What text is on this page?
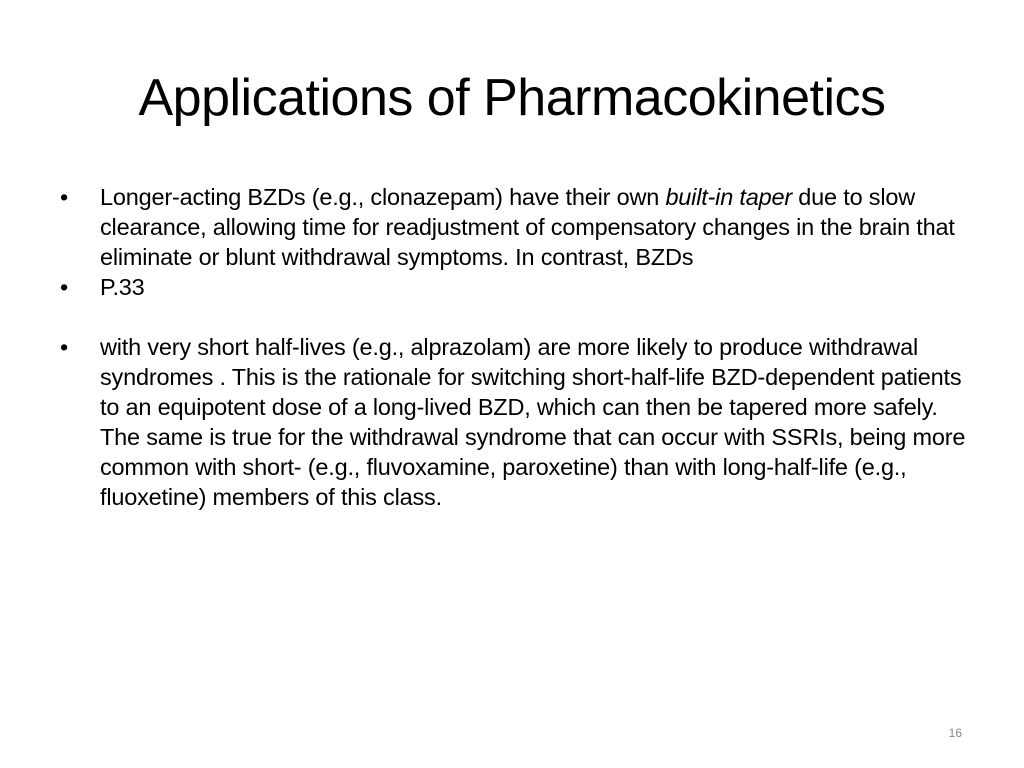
Applications of Pharmacokinetics
•	Longer-acting BZDs (e.g., clonazepam) have their own built-in taper due to slow clearance, allowing time for readjustment of compensatory changes in the brain that eliminate or blunt withdrawal symptoms. In contrast, BZDs
•	P.33
•	with very short half-lives (e.g., alprazolam) are more likely to produce withdrawal syndromes . This is the rationale for switching short-half-life BZD-dependent patients to an equipotent dose of a long-lived BZD, which can then be tapered more safely. The same is true for the withdrawal syndrome that can occur with SSRIs, being more common with short- (e.g., fluvoxamine, paroxetine) than with long-half-life (e.g., fluoxetine) members of this class.
16
